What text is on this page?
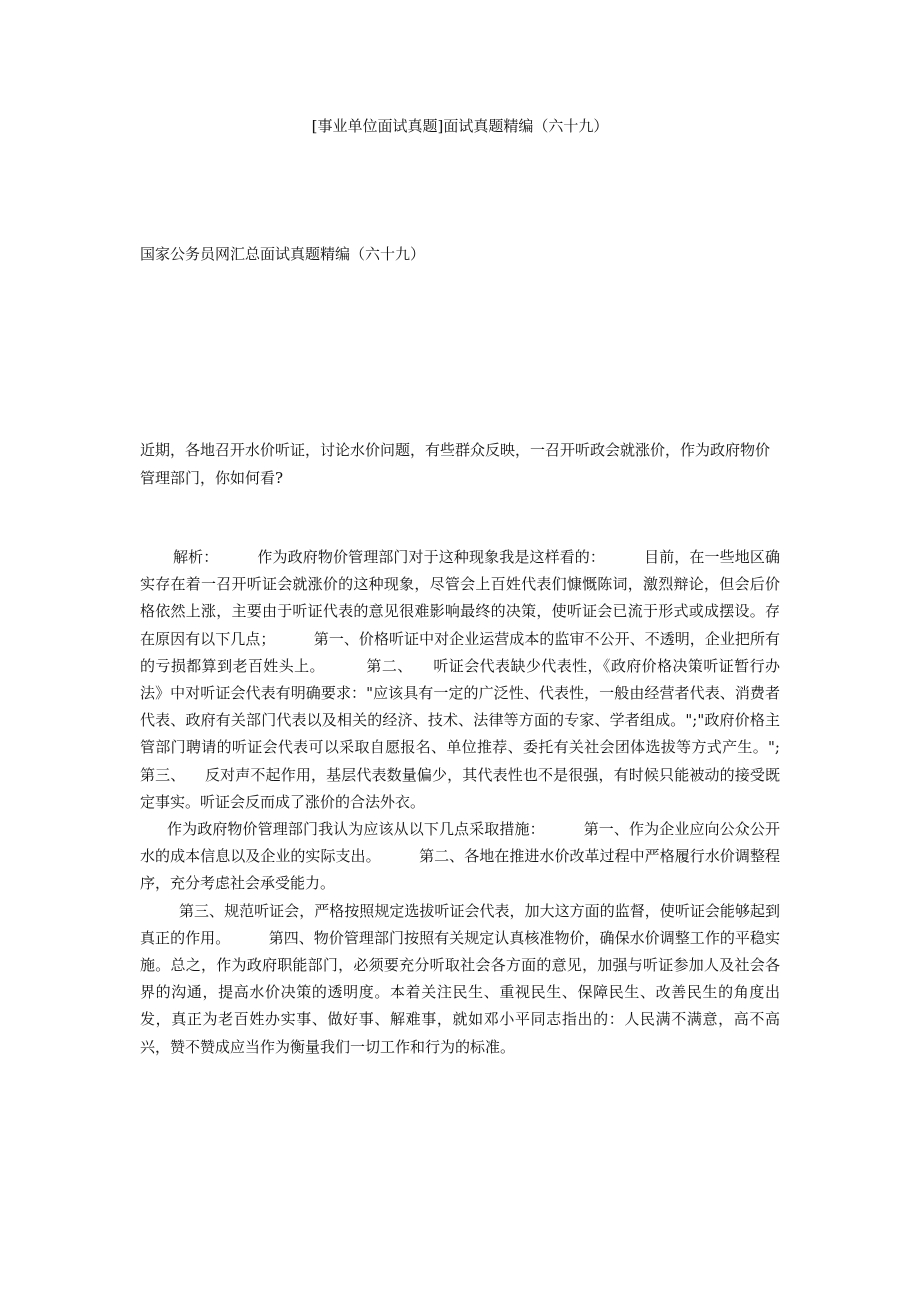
[事业单位面试真题]面试真题精编（六十九）
国家公务员网汇总面试真题精编（六十九）
近期，各地召开水价听证，讨论水价问题，有些群众反映，一召开听政会就涨价，作为政府物价管理部门，你如何看?

解析：        作为政府物价管理部门对于这种现象我是这样看的：        目前，在一些地区确实存在着一召开听证会就涨价的这种现象，尽管会上百姓代表们慷慨陈词，激烈辩论，但会后价格依然上涨，主要由于听证代表的意见很难影响最终的决策，使听证会已流于形式或成摆设。存在原因有以下几点；        第一、价格听证中对企业运营成本的监审不公开、不透明，企业把所有的亏损都算到老百姓头上。        第二、    听证会代表缺少代表性，《政府价格决策听证暂行办法》中对听证会代表有明确要求："应该具有一定的广泛性、代表性，一般由经营者代表、消费者代表、政府有关部门代表以及相关的经济、技术、法律等方面的专家、学者组成。";"政府价格主管部门聘请的听证会代表可以采取自愿报名、单位推荐、委托有关社会团体选拔等方式产生。";        第三、    反对声不起作用，基层代表数量偏少，其代表性也不是很强，有时候只能被动的接受既定事实。听证会反而成了涨价的合法外衣。

作为政府物价管理部门我认为应该从以下几点采取措施：        第一、作为企业应向公众公开水的成本信息以及企业的实际支出。        第二、各地在推进水价改革过程中严格履行水价调整程序，充分考虑社会承受能力。

第三、规范听证会，严格按照规定选拔听证会代表，加大这方面的监督，使听证会能够起到真正的作用。        第四、物价管理部门按照有关规定认真核准物价，确保水价调整工作的平稳实施。总之，作为政府职能部门，必须要充分听取社会各方面的意见，加强与听证参加人及社会各界的沟通，提高水价决策的透明度。本着关注民生、重视民生、保障民生、改善民生的角度出发，真正为老百姓办实事、做好事、解难事，就如邓小平同志指出的：人民满不满意，高不高兴，赞不赞成应当作为衡量我们一切工作和行为的标准。
